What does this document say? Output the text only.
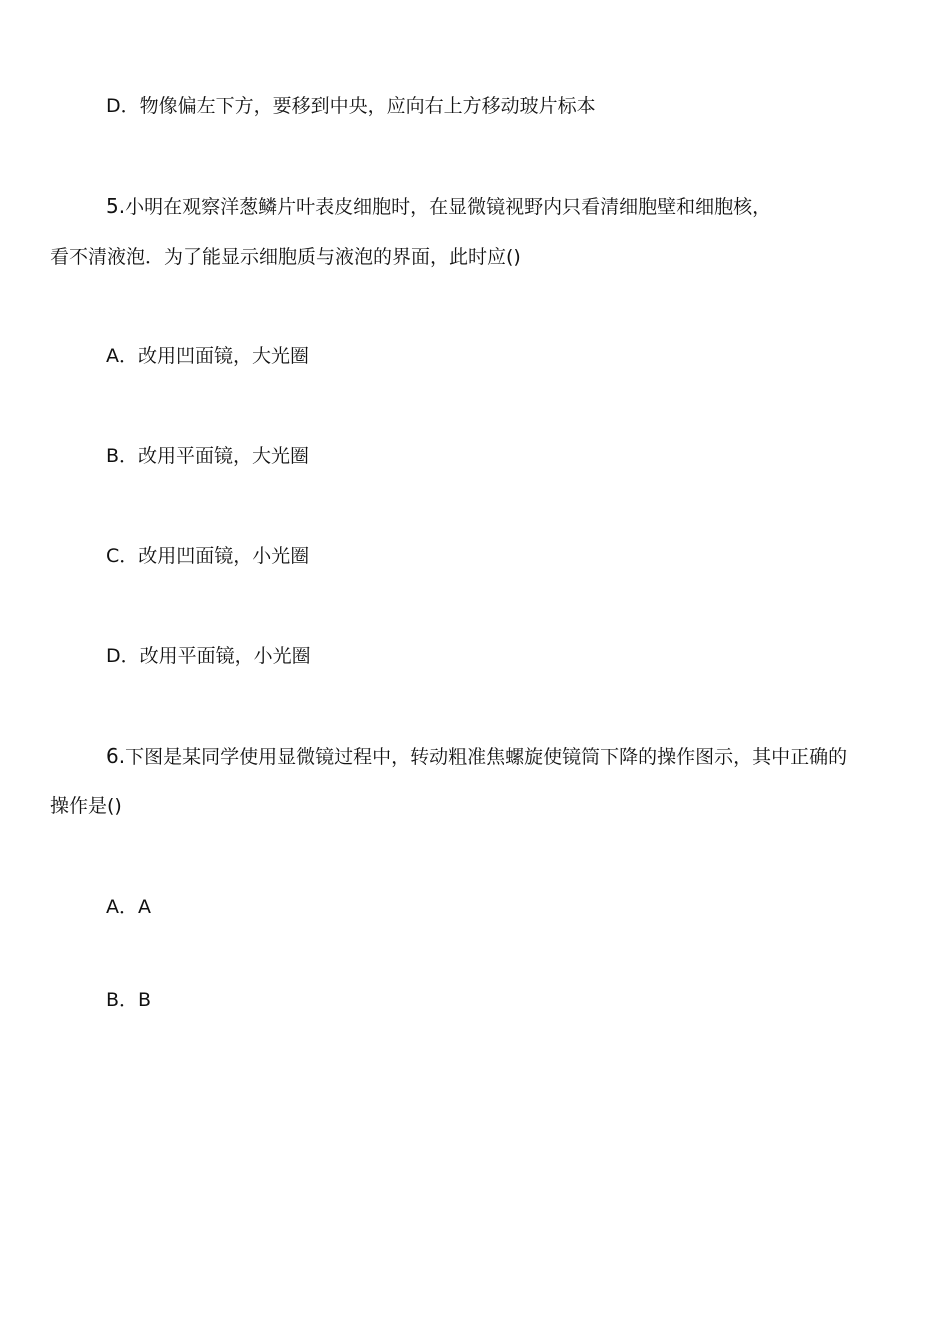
D．物像偏左下方，要移到中央，应向右上方移动玻片标本
5.小明在观察洋葱鳞片叶表皮细胞时，在显微镜视野内只看清细胞壁和细胞核，
看不清液泡．为了能显示细胞质与液泡的界面，此时应()
A．改用凹面镜，大光圈
B．改用平面镜，大光圈
C．改用凹面镜，小光圈
D．改用平面镜，小光圈
6.下图是某同学使用显微镜过程中，转动粗准焦螺旋使镜筒下降的操作图示，其中正确的
操作是()
A．A
B．B
